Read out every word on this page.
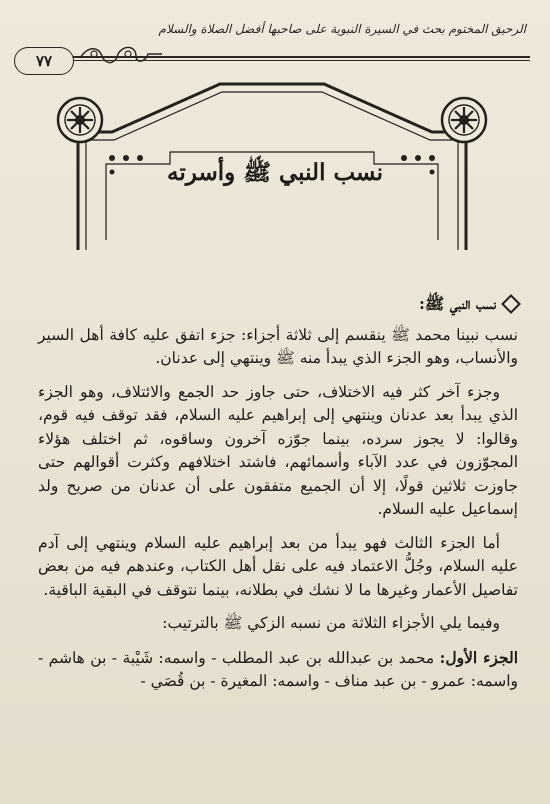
الرحيق المختوم بحث في السيرة النبوية على صاحبها أفضل الصلاة والسلام
٧٧
نسب النبي ﷺ وأسرته
نسب النبي ﷺ:

نسب نبينا محمد ﷺ ينقسم إلى ثلاثة أجزاء: جزء اتفق عليه كافة أهل السير والأنساب، وهو الجزء الذي يبدأ منه ﷺ وينتهي إلى عدنان.

وجزء آخر كثر فيه الاختلاف، حتى جاوز حد الجمع والائتلاف، وهو الجزء الذي يبدأ بعد عدنان وينتهي إلى إبراهيم عليه السلام، فقد توقف فيه قوم، وقالوا: لا يجوز سرده، بينما جوّزه آخرون وساقوه، ثم اختلف هؤلاء المجوّزون في عدد الآباء وأسمائهم، فاشتد اختلافهم وكثرت أقوالهم حتى جاوزت ثلاثين قولًا، إلا أن الجميع متفقون على أن عدنان من صريح ولد إسماعيل عليه السلام.

أما الجزء الثالث فهو يبدأ من بعد إبراهيم عليه السلام وينتهي إلى آدم عليه السلام، وجُلُّ الاعتماد فيه على نقل أهل الكتاب، وعندهم فيه من بعض تفاصيل الأعمار وغيرها ما لا نشك في بطلانه، بينما نتوقف في البقية الباقية.

وفيما يلي الأجزاء الثلاثة من نسبه الزكي ﷺ بالترتيب:

الجزء الأول: محمد بن عبدالله بن عبد المطلب - واسمه: شَيْبة - بن هاشم - واسمه: عمرو - بن عبد مناف - واسمه: المغيرة - بن قُصَي -
